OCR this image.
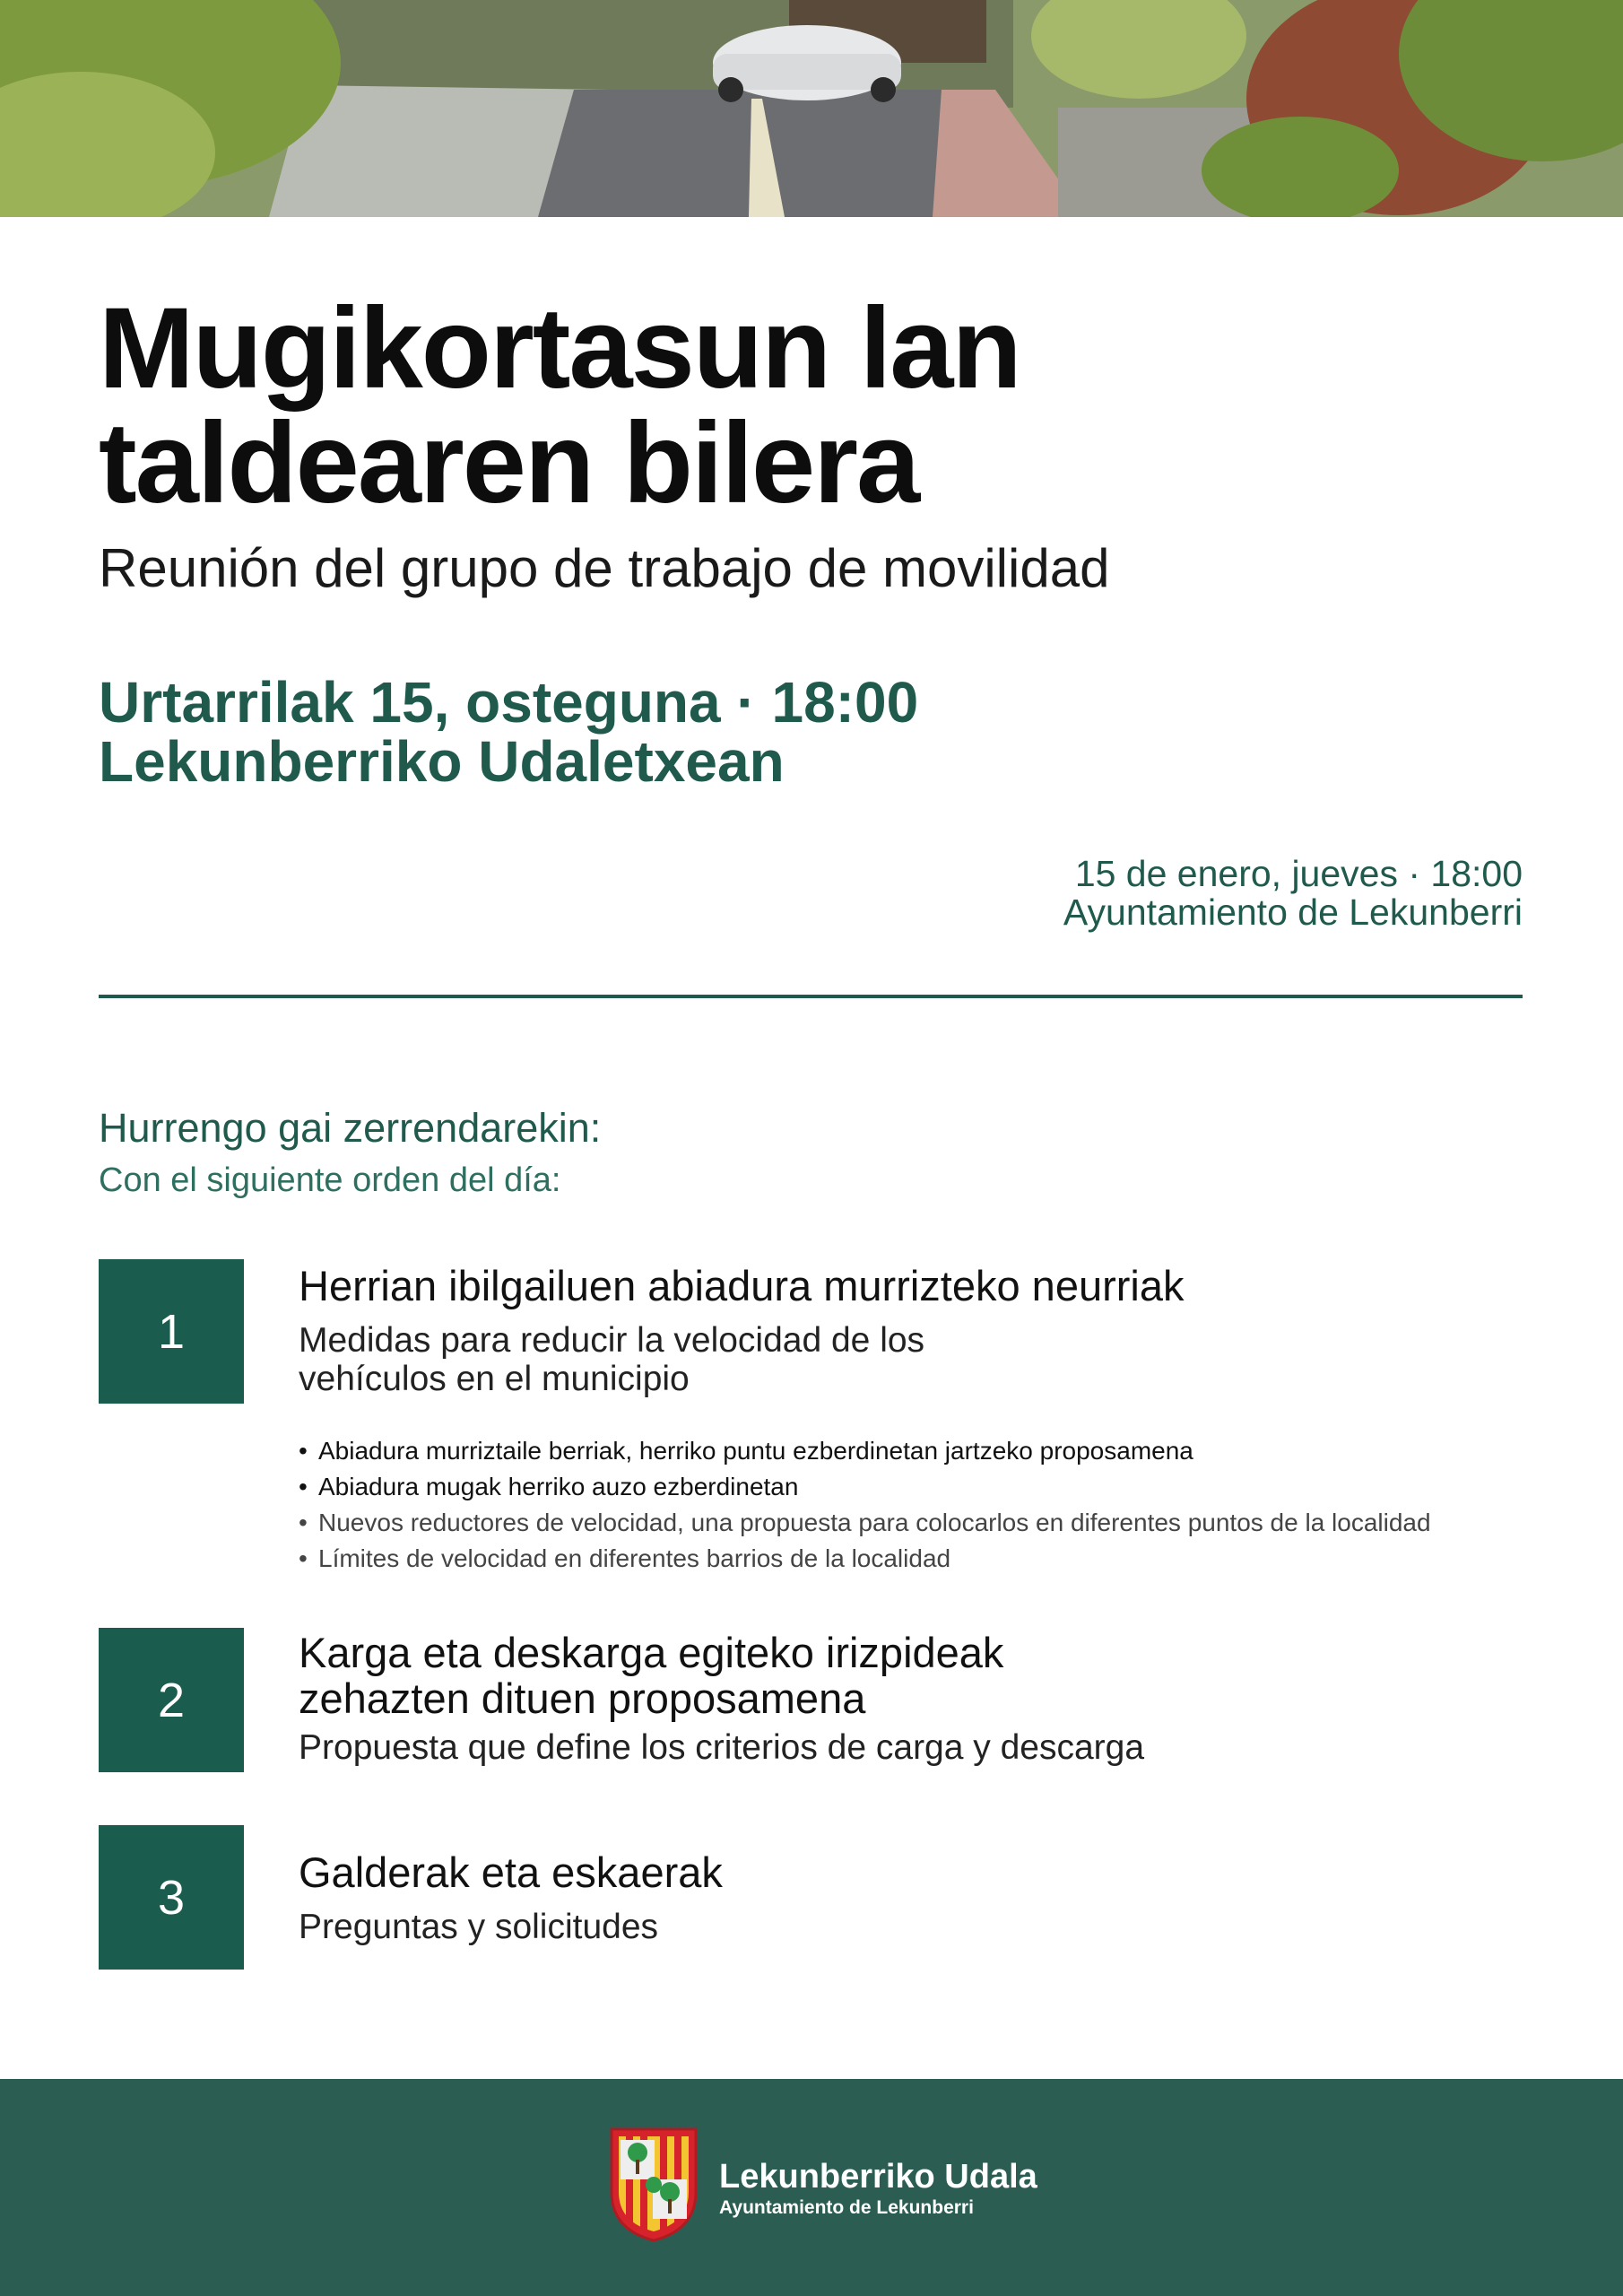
Mugikortasun lan
taldearen bilera
Reunión del grupo de trabajo de movilidad
Urtarrilak 15, osteguna · 18:00
Lekunberriko Udaletxean
15 de enero, jueves · 18:00
Ayuntamiento de Lekunberri
Hurrengo gai zerrendarekin:
Con el siguiente orden del día:
1
Herrian ibilgailuen abiadura murrizteko neurriak
Medidas para reducir la velocidad de los
vehículos en el municipio
• Abiadura murriztaile berriak, herriko puntu ezberdinetan jartzeko proposamena
• Abiadura mugak herriko auzo ezberdinetan
• Nuevos reductores de velocidad, una propuesta para colocarlos en diferentes puntos de la localidad
• Límites de velocidad en diferentes barrios de la localidad
2
Karga eta deskarga egiteko irizpideak
zehazten dituen proposamena
Propuesta que define los criterios de carga y descarga
3	Galderak eta eskaerak
Preguntas y solicitudes
Lekunberriko Udala
Ayuntamiento de Lekunberri
